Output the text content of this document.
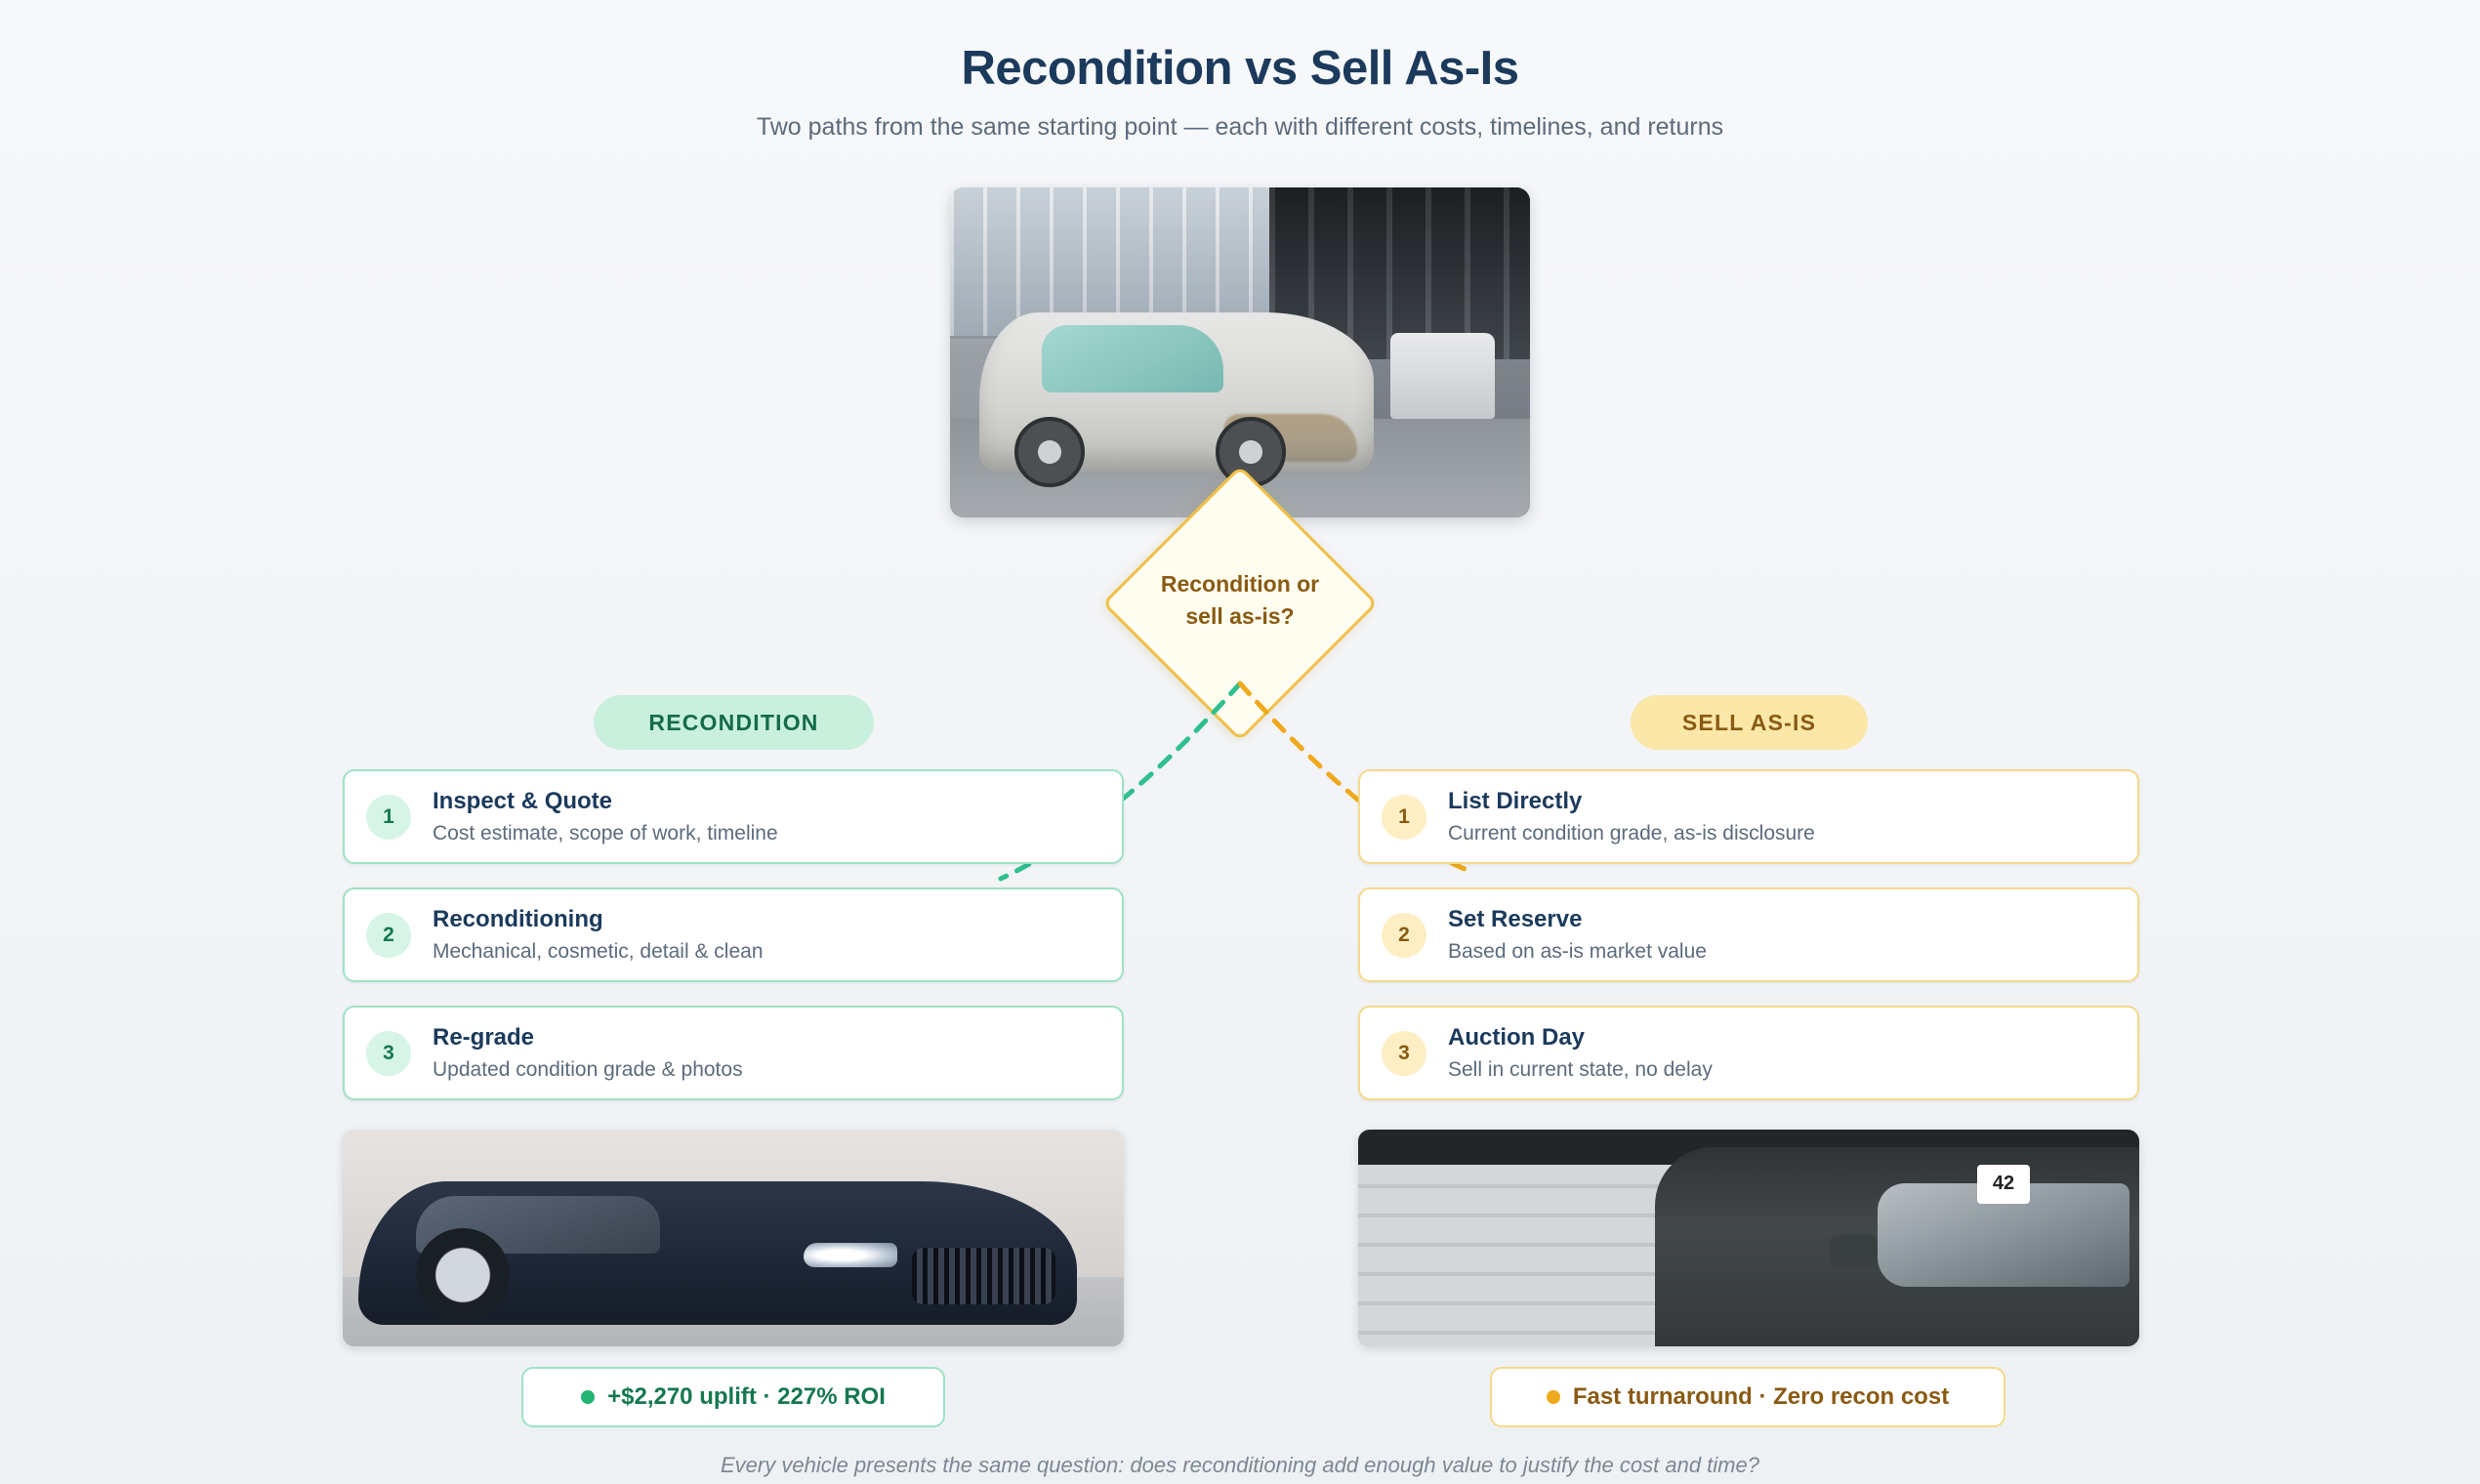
Recondition vs Sell As-Is
Two paths from the same starting point — each with different costs, timelines, and returns
Recondition or
sell as-is?
RECONDITION	SELL AS-IS
1
Inspect & Quote
Cost estimate, scope of work, timeline
2
Reconditioning
Mechanical, cosmetic, detail & clean
3
Re-grade
Updated condition grade & photos
1
List Directly
Current condition grade, as-is disclosure
2
Set Reserve
Based on as-is market value
3
Auction Day
Sell in current state, no delay
42
+$2,270 uplift · 227% ROI	Fast turnaround · Zero recon cost
Every vehicle presents the same question: does reconditioning add enough value to justify the cost and time?
